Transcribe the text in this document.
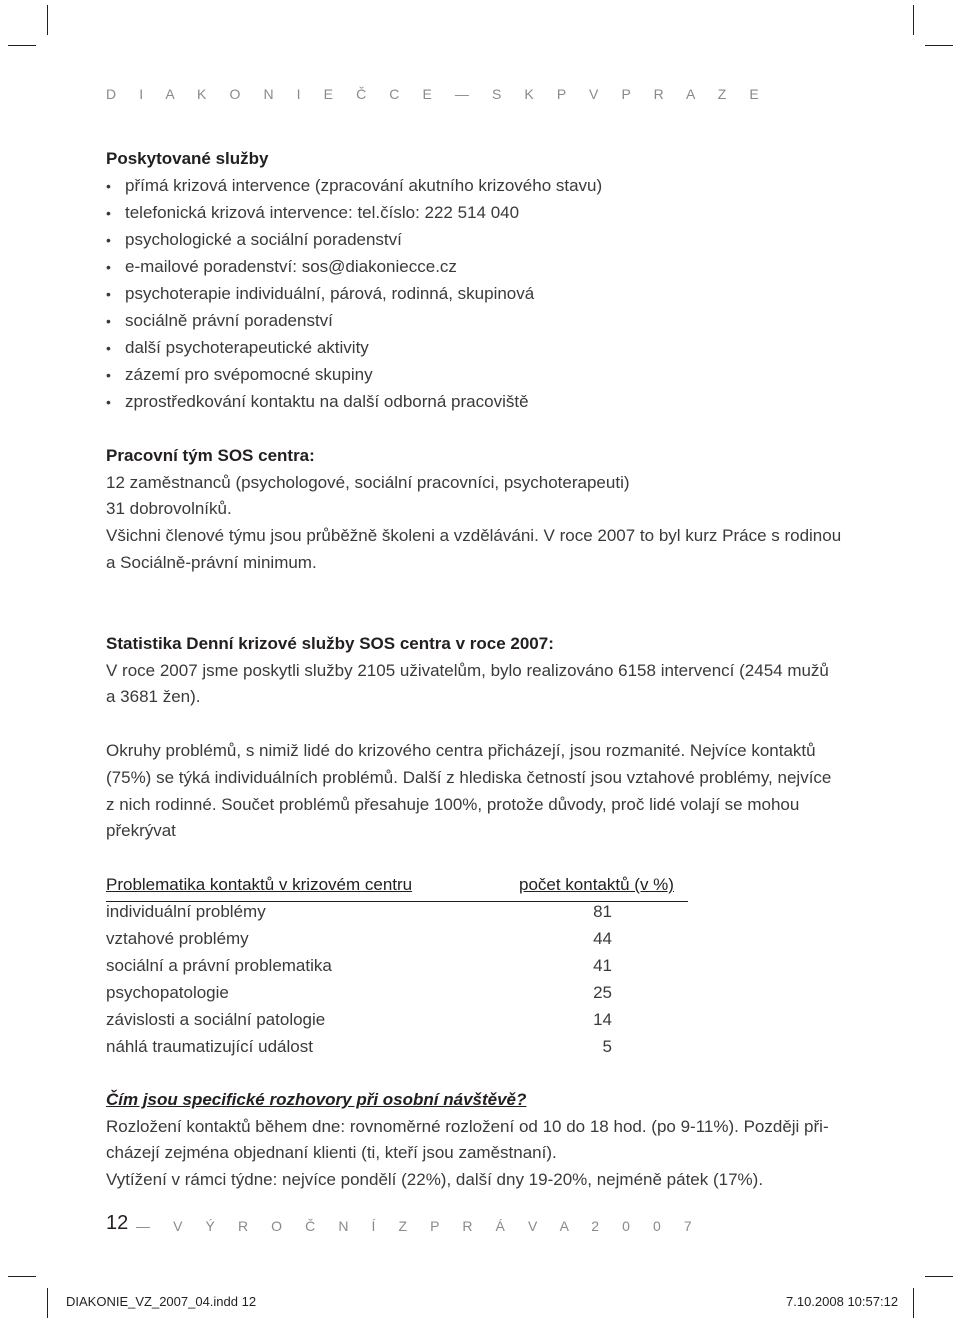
D I A K O N I E Č C E — S K P V P R A Z E
Poskytované služby
• přímá krizová intervence (zpracování akutního krizového stavu)
• telefonická krizová intervence: tel.číslo: 222 514 040
• psychologické a sociální poradenství
• e-mailové poradenství: sos@diakoniecce.cz
• psychoterapie individuální, párová, rodinná, skupinová
• sociálně právní poradenství
• další psychoterapeutické aktivity
• zázemí pro svépomocné skupiny
• zprostředkování kontaktu na další odborná pracoviště
Pracovní tým SOS centra:
12 zaměstnanců (psychologové, sociální pracovníci, psychoterapeuti)
31 dobrovolníků.
Všichni členové týmu jsou průběžně školeni a vzděláváni. V roce 2007 to byl kurz Práce s rodinou
a Sociálně-právní minimum.
Statistika Denní krizové služby SOS centra v roce 2007:
V roce 2007 jsme poskytli služby 2105 uživatelům, bylo realizováno 6158 intervencí (2454 mužů
a 3681 žen).
Okruhy problémů, s nimiž lidé do krizového centra přicházejí, jsou rozmanité. Nejvíce kontaktů
(75%) se týká individuálních problémů. Další z hlediska četností jsou vztahové problémy, nejvíce
z nich rodinné. Součet problémů přesahuje 100%, protože důvody, proč lidé volají se mohou
překrývat
Problematika kontaktů v krizovém centru	počet kontaktů (v %)
individuální problémy	81
vztahové problémy	44
sociální a právní problematika	41
psychopatologie	25
závislosti a sociální patologie	14
náhlá traumatizující událost	5
Čím jsou specifické rozhovory při osobní návštěvě?
Rozložení kontaktů během dne: rovnoměrné rozložení od 10 do 18 hod. (po 9-11%). Později při-
cházejí zejména objednaní klienti (ti, kteří jsou zaměstnaní).
Vytížení v rámci týdne: nejvíce pondělí (22%), další dny 19-20%, nejméně pátek (17%).
12 — V Ý R O Č N Í Z P R Á V A 2 0 0 7
DIAKONIE_VZ_2007_04.indd 12	7.10.2008 10:57:12
